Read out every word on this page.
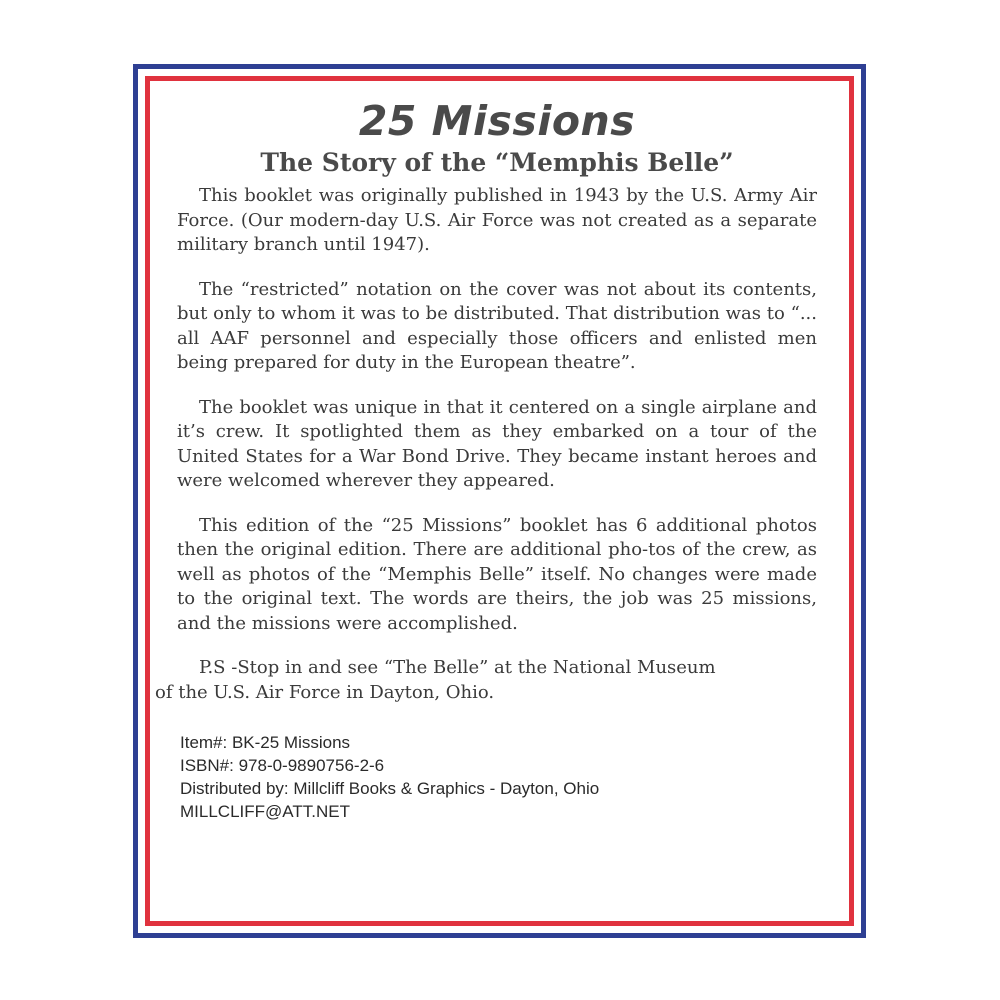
25 Missions
The Story of the “Memphis Belle”

This booklet was originally published in 1943 by the U.S. Army Air Force. (Our modern-day U.S. Air Force was not created as a separate military branch until 1947).

The “restricted” notation on the cover was not about its contents, but only to whom it was to be distributed. That distribution was to “... all AAF personnel and especially those officers and enlisted men being prepared for duty in the European theatre”.

The booklet was unique in that it centered on a single airplane and it’s crew. It spotlighted them as they embarked on a tour of the United States for a War Bond Drive. They became instant heroes and were welcomed wherever they appeared.

This edition of the “25 Missions” booklet has 6 additional photos then the original edition. There are additional pho-tos of the crew, as well as photos of the “Memphis Belle” itself. No changes were made to the original text. The words are theirs, the job was 25 missions, and the missions were accomplished.

P.S -Stop in and see “The Belle” at the National Museum
of the U.S. Air Force in Dayton, Ohio.

Item#: BK-25 Missions
ISBN#: 978-0-9890756-2-6
Distributed by: Millcliff Books & Graphics - Dayton, Ohio
MILLCLIFF@ATT.NET
